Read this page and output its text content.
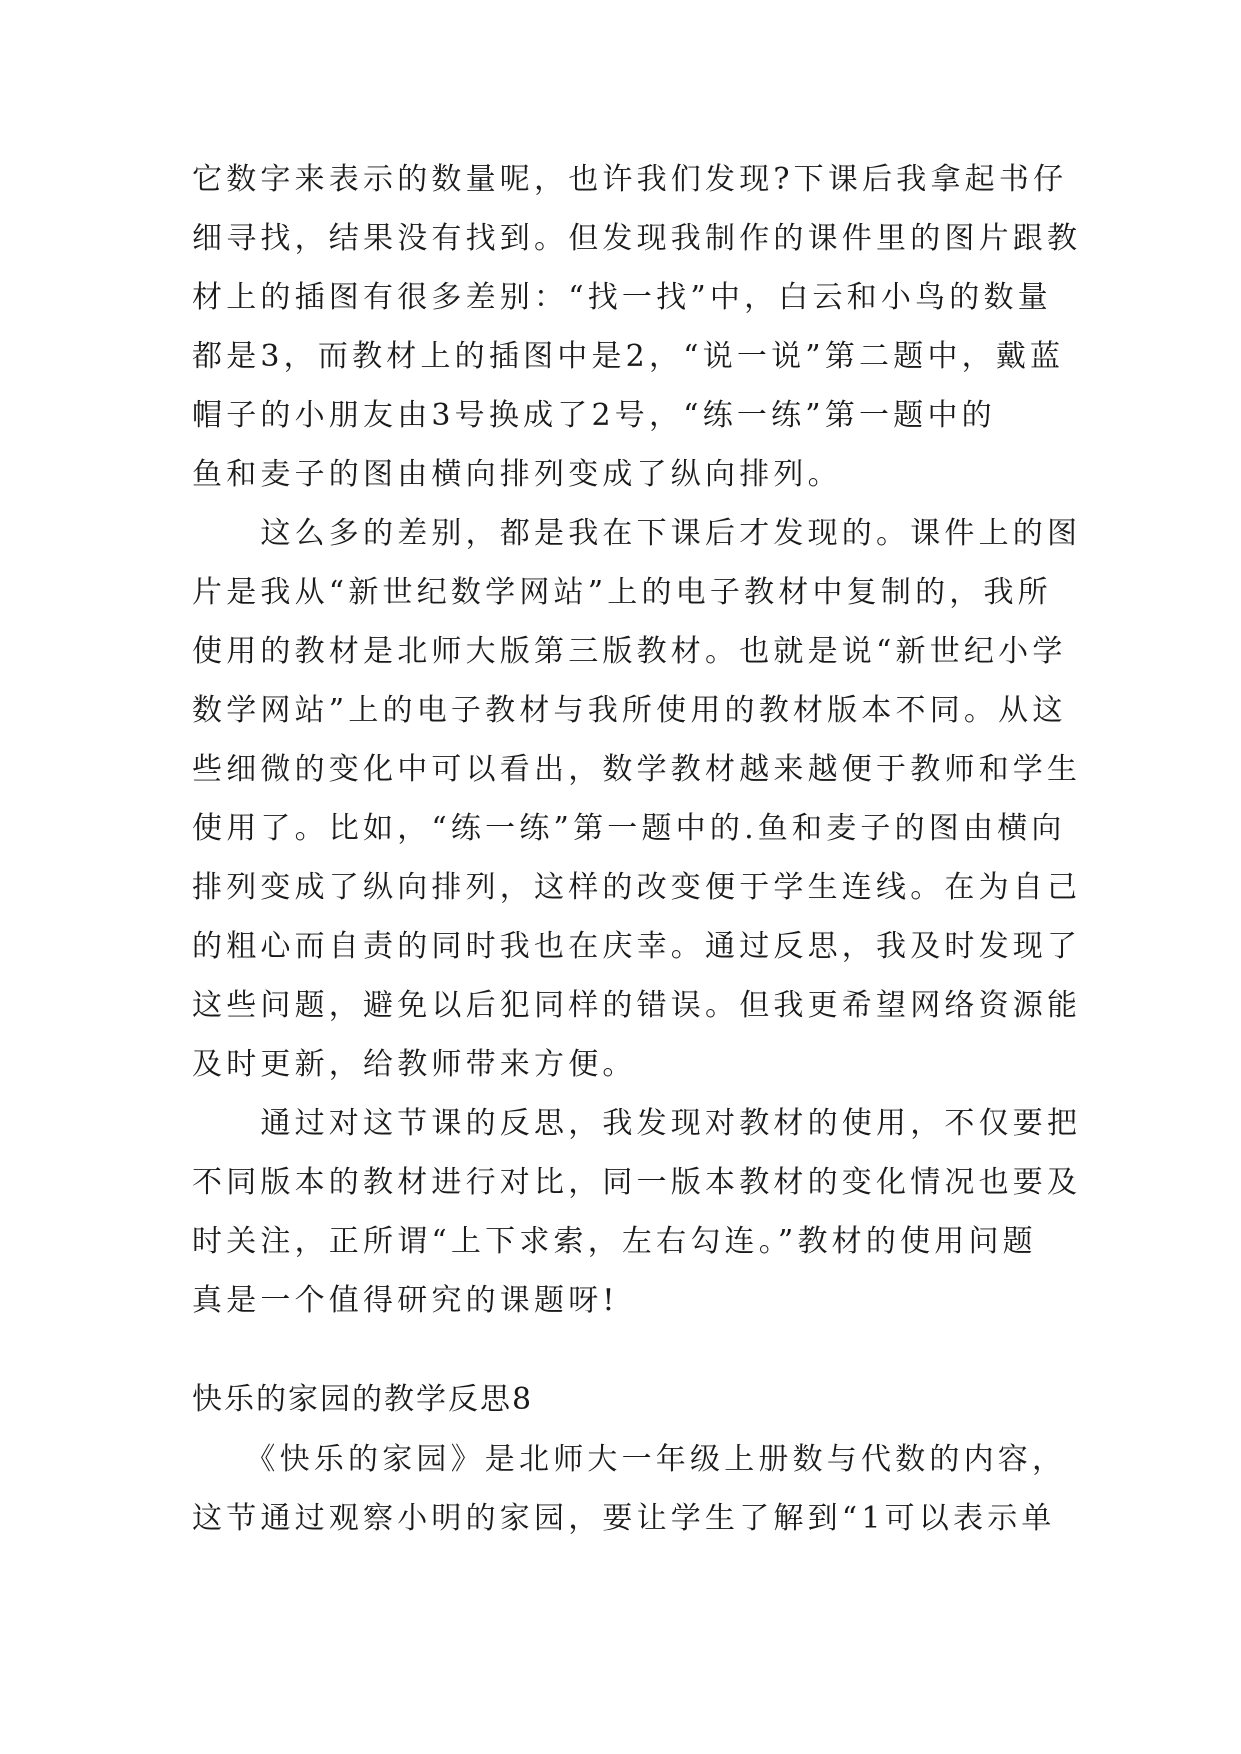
它数字来表示的数量呢，也许我们发现?下课后我拿起书仔
细寻找，结果没有找到。但发现我制作的课件里的图片跟教
材上的插图有很多差别：“找一找”中，白云和小鸟的数量
都是3，而教材上的插图中是2，“说一说”第二题中，戴蓝
帽子的小朋友由3号换成了2号，“练一练”第一题中的
鱼和麦子的图由横向排列变成了纵向排列。
　　这么多的差别，都是我在下课后才发现的。课件上的图
片是我从“新世纪数学网站”上的电子教材中复制的，我所
使用的教材是北师大版第三版教材。也就是说“新世纪小学
数学网站”上的电子教材与我所使用的教材版本不同。从这
些细微的变化中可以看出，数学教材越来越便于教师和学生
使用了。比如，“练一练”第一题中的.鱼和麦子的图由横向
排列变成了纵向排列，这样的改变便于学生连线。在为自己
的粗心而自责的同时我也在庆幸。通过反思，我及时发现了
这些问题，避免以后犯同样的错误。但我更希望网络资源能
及时更新，给教师带来方便。
　　通过对这节课的反思，我发现对教材的使用，不仅要把
不同版本的教材进行对比，同一版本教材的变化情况也要及
时关注，正所谓“上下求索，左右勾连。”教材的使用问题
真是一个值得研究的课题呀!
快乐的家园的教学反思8
　　《快乐的家园》是北师大一年级上册数与代数的内容，
这节通过观察小明的家园，要让学生了解到“1可以表示单
